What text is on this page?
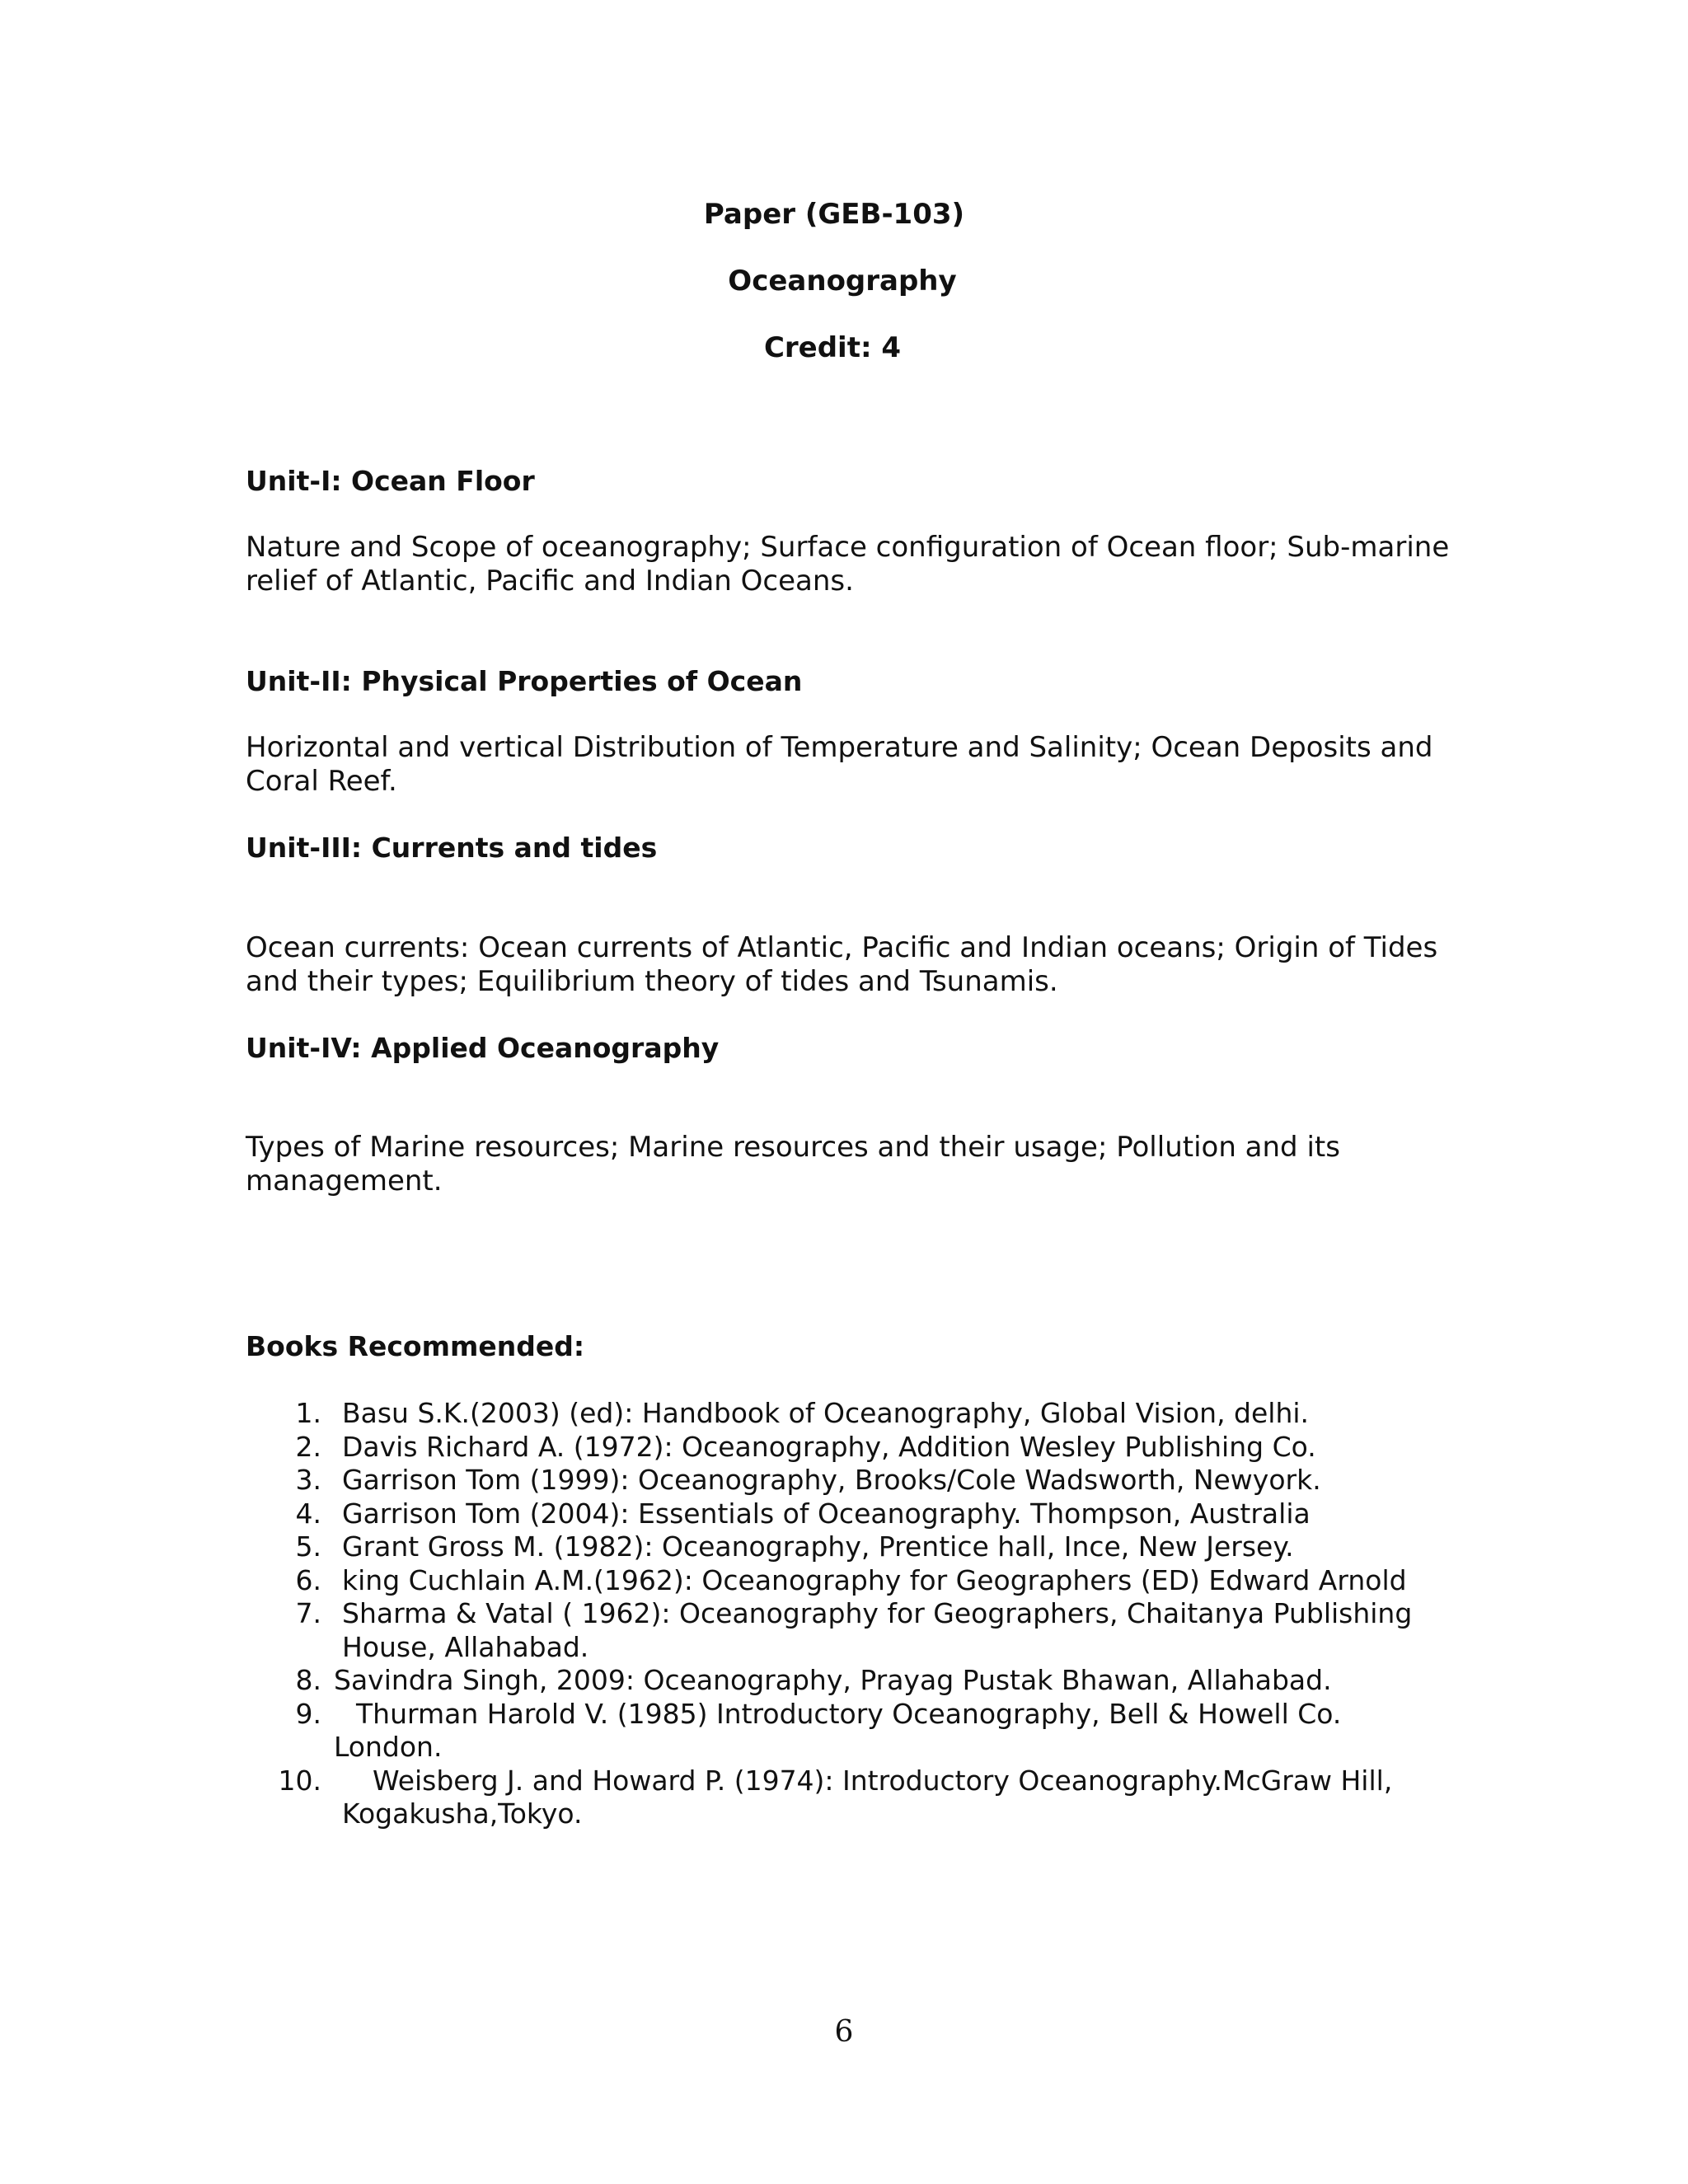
Paper (GEB-103)
Oceanography
Credit: 4
Unit-I: Ocean Floor
Nature and Scope of oceanography; Surface configuration of Ocean floor; Sub-marine
relief of Atlantic, Pacific and Indian Oceans.
Unit-II: Physical Properties of Ocean
Horizontal and vertical Distribution of Temperature and Salinity; Ocean Deposits and
Coral Reef.
Unit-III: Currents and tides
Ocean currents: Ocean currents of Atlantic, Pacific and Indian oceans; Origin of Tides
and their types; Equilibrium theory of tides and Tsunamis.
Unit-IV: Applied Oceanography
Types of Marine resources; Marine resources and their usage; Pollution and its
management.
Books Recommended:
1. Basu S.K.(2003) (ed): Handbook of Oceanography, Global Vision, delhi.
2. Davis Richard A. (1972): Oceanography, Addition Wesley Publishing Co.
3. Garrison Tom (1999): Oceanography, Brooks/Cole Wadsworth, Newyork.
4. Garrison Tom (2004): Essentials of Oceanography. Thompson, Australia
5. Grant Gross M. (1982): Oceanography, Prentice hall, Ince, New Jersey.
6. king Cuchlain A.M.(1962): Oceanography for Geographers (ED) Edward Arnold
7. Sharma & Vatal ( 1962): Oceanography for Geographers, Chaitanya Publishing
House, Allahabad.
8. Savindra Singh, 2009: Oceanography, Prayag Pustak Bhawan, Allahabad.
9. Thurman Harold V. (1985) Introductory Oceanography, Bell & Howell Co.
London.
10. Weisberg J. and Howard P. (1974): Introductory Oceanography.McGraw Hill,
Kogakusha,Tokyo.
6
